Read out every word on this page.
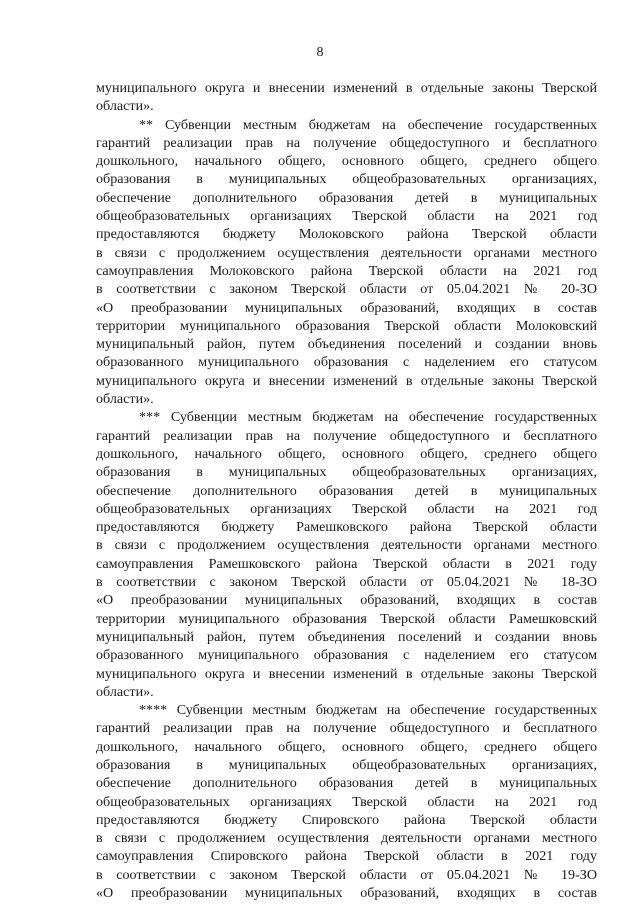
8
муниципального округа и внесении изменений в отдельные законы Тверской
области».
** Субвенции местным бюджетам на обеспечение государственных
гарантий реализации прав на получение общедоступного и бесплатного
дошкольного, начального общего, основного общего, среднего общего
образования в муниципальных общеобразовательных организациях,
обеспечение дополнительного образования детей в муниципальных
общеобразовательных организациях Тверской области на 2021 год
предоставляются бюджету Молоковского района Тверской области
в связи с продолжением осуществления деятельности органами местного
самоуправления Молоковского района Тверской области на 2021 год
в соответствии с законом Тверской области от 05.04.2021 № 20-ЗО
«О преобразовании муниципальных образований, входящих в состав
территории муниципального образования Тверской области Молоковский
муниципальный район, путем объединения поселений и создании вновь
образованного муниципального образования с наделением его статусом
муниципального округа и внесении изменений в отдельные законы Тверской
области».
*** Субвенции местным бюджетам на обеспечение государственных
гарантий реализации прав на получение общедоступного и бесплатного
дошкольного, начального общего, основного общего, среднего общего
образования в муниципальных общеобразовательных организациях,
обеспечение дополнительного образования детей в муниципальных
общеобразовательных организациях Тверской области на 2021 год
предоставляются бюджету Рамешковского района Тверской области
в связи с продолжением осуществления деятельности органами местного
самоуправления Рамешковского района Тверской области в 2021 году
в соответствии с законом Тверской области от 05.04.2021 № 18-ЗО
«О преобразовании муниципальных образований, входящих в состав
территории муниципального образования Тверской области Рамешковский
муниципальный район, путем объединения поселений и создании вновь
образованного муниципального образования с наделением его статусом
муниципального округа и внесении изменений в отдельные законы Тверской
области».
**** Субвенции местным бюджетам на обеспечение государственных
гарантий реализации прав на получение общедоступного и бесплатного
дошкольного, начального общего, основного общего, среднего общего
образования в муниципальных общеобразовательных организациях,
обеспечение дополнительного образования детей в муниципальных
общеобразовательных организациях Тверской области на 2021 год
предоставляются бюджету Спировского района Тверской области
в связи с продолжением осуществления деятельности органами местного
самоуправления Спировского района Тверской области в 2021 году
в соответствии с законом Тверской области от 05.04.2021 № 19-ЗО
«О преобразовании муниципальных образований, входящих в состав
